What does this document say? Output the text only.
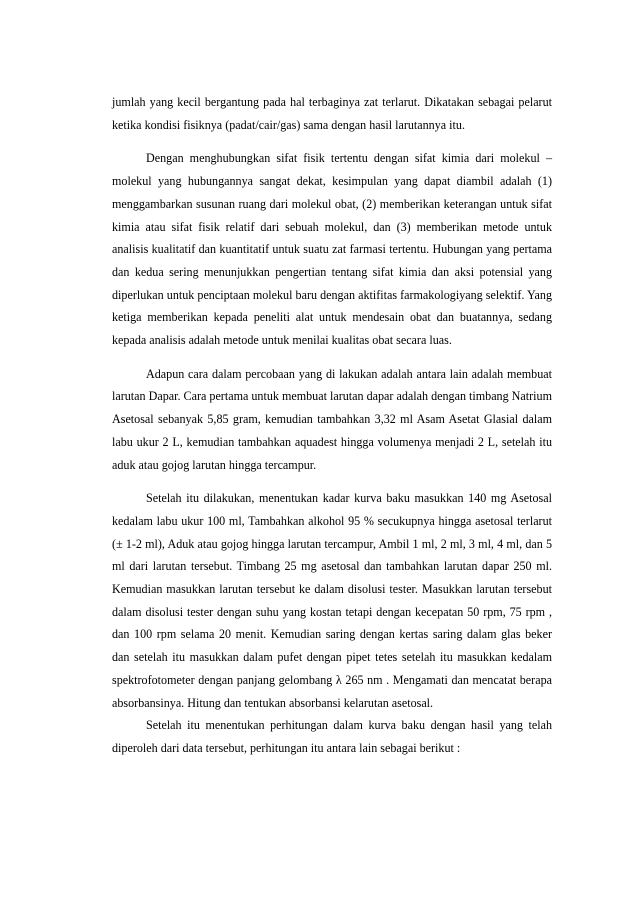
jumlah yang kecil bergantung pada hal terbaginya zat terlarut. Dikatakan sebagai pelarut ketika kondisi fisiknya (padat/cair/gas) sama dengan hasil larutannya itu.

Dengan menghubungkan sifat fisik tertentu dengan sifat kimia dari molekul – molekul yang hubungannya sangat dekat, kesimpulan yang dapat diambil adalah (1) menggambarkan susunan ruang dari molekul obat, (2) memberikan keterangan untuk sifat kimia atau sifat fisik relatif dari sebuah molekul, dan (3) memberikan metode untuk analisis kualitatif dan kuantitatif untuk suatu zat farmasi tertentu. Hubungan yang pertama dan kedua sering menunjukkan pengertian tentang sifat kimia dan aksi potensial yang diperlukan untuk penciptaan molekul baru dengan aktifitas farmakologiyang selektif. Yang ketiga memberikan kepada peneliti alat untuk mendesain obat dan buatannya, sedang kepada analisis adalah metode untuk menilai kualitas obat secara luas.

Adapun cara dalam percobaan yang di lakukan adalah antara lain adalah membuat larutan Dapar. Cara pertama untuk membuat larutan dapar adalah dengan timbang Natrium Asetosal sebanyak 5,85 gram, kemudian tambahkan 3,32 ml Asam Asetat Glasial dalam labu ukur 2 L, kemudian tambahkan aquadest hingga volumenya menjadi 2 L, setelah itu aduk atau gojog larutan hingga tercampur.

Setelah itu dilakukan, menentukan kadar kurva baku masukkan 140 mg Asetosal kedalam labu ukur 100 ml, Tambahkan alkohol 95 % secukupnya hingga asetosal terlarut (± 1-2 ml), Aduk atau gojog hingga larutan tercampur, Ambil 1 ml, 2 ml, 3 ml, 4 ml, dan 5 ml dari larutan tersebut. Timbang 25 mg asetosal dan tambahkan larutan dapar 250 ml. Kemudian masukkan larutan tersebut ke dalam disolusi tester. Masukkan larutan tersebut dalam disolusi tester dengan suhu yang kostan tetapi dengan kecepatan 50 rpm, 75 rpm , dan 100 rpm selama 20 menit. Kemudian saring dengan kertas saring dalam glas beker dan setelah itu masukkan dalam pufet dengan pipet tetes setelah itu masukkan kedalam spektrofotometer dengan panjang gelombang λ 265 nm . Mengamati dan mencatat berapa absorbansinya. Hitung dan tentukan absorbansi kelarutan asetosal.

Setelah itu menentukan perhitungan dalam kurva baku dengan hasil yang telah diperoleh dari data tersebut, perhitungan itu antara lain sebagai berikut :
